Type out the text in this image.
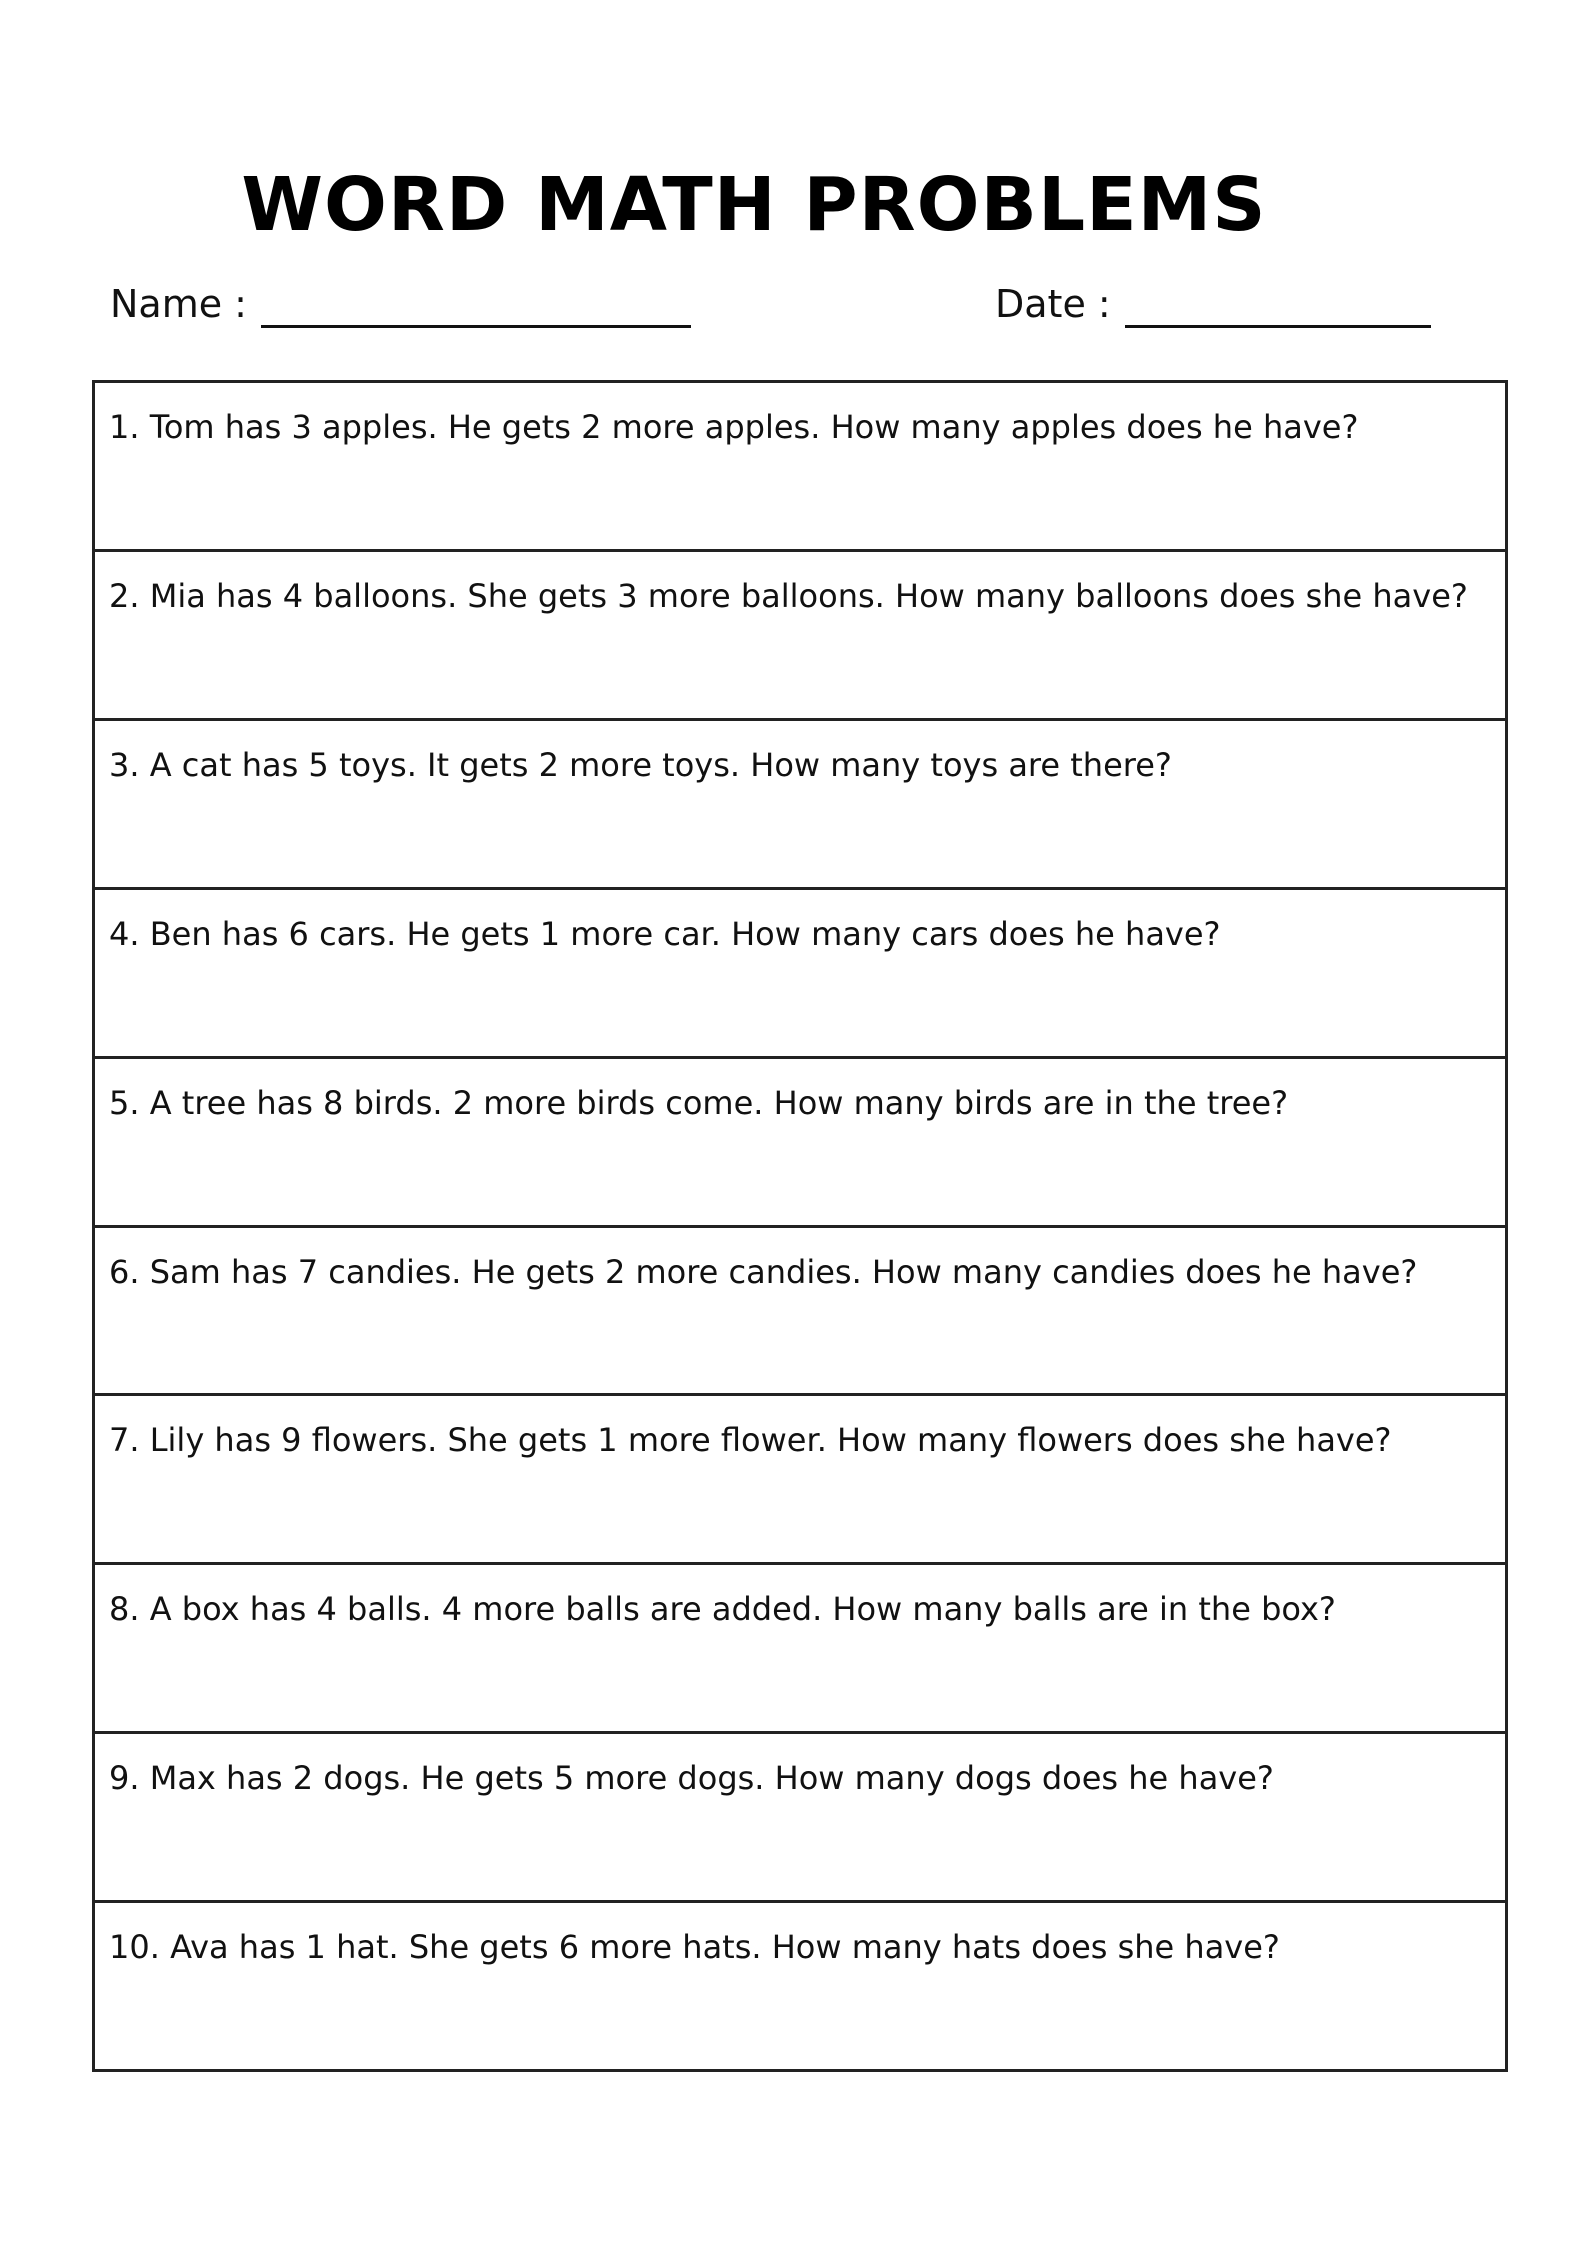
WORD MATH PROBLEMS
Name :	Date :
1. Tom has 3 apples. He gets 2 more apples. How many apples does he have?
2. Mia has 4 balloons. She gets 3 more balloons. How many balloons does she have?
3. A cat has 5 toys. It gets 2 more toys. How many toys are there?
4. Ben has 6 cars. He gets 1 more car. How many cars does he have?
5. A tree has 8 birds. 2 more birds come. How many birds are in the tree?
6. Sam has 7 candies. He gets 2 more candies. How many candies does he have?
7. Lily has 9 flowers. She gets 1 more flower. How many flowers does she have?
8. A box has 4 balls. 4 more balls are added. How many balls are in the box?
9. Max has 2 dogs. He gets 5 more dogs. How many dogs does he have?
10. Ava has 1 hat. She gets 6 more hats. How many hats does she have?
